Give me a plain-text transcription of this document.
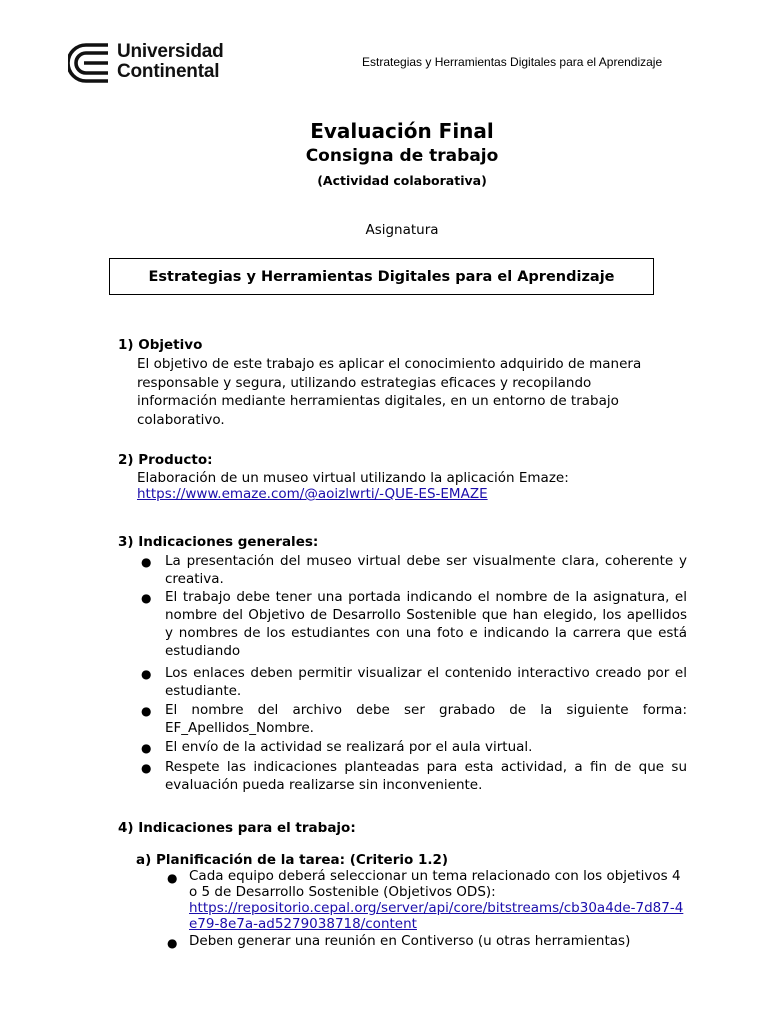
Universidad
Continental	Estrategias y Herramientas Digitales para el Aprendizaje
Evaluación Final
Consigna de trabajo
(Actividad colaborativa)
Asignatura
Estrategias y Herramientas Digitales para el Aprendizaje
1) Objetivo
El objetivo de este trabajo es aplicar el conocimiento adquirido de manera
responsable y segura, utilizando estrategias eficaces y recopilando
información mediante herramientas digitales, en un entorno de trabajo
colaborativo.
2) Producto:
Elaboración de un museo virtual utilizando la aplicación Emaze:
https://www.emaze.com/@aoizlwrti/-QUE-ES-EMAZE
3) Indicaciones generales:
● La presentación del museo virtual debe ser visualmente clara, coherente y creativa.
● El trabajo debe tener una portada indicando el nombre de la asignatura, el nombre del Objetivo de Desarrollo Sostenible que han elegido, los apellidos y nombres de los estudiantes con una foto e indicando la carrera que está estudiando
● Los enlaces deben permitir visualizar el contenido interactivo creado por el estudiante.
● El nombre del archivo debe ser grabado de la siguiente forma: EF_Apellidos_Nombre.
● El envío de la actividad se realizará por el aula virtual.
● Respete las indicaciones planteadas para esta actividad, a fin de que su evaluación pueda realizarse sin inconveniente.
4) Indicaciones para el trabajo:
a) Planificación de la tarea: (Criterio 1.2)
● Cada equipo deberá seleccionar un tema relacionado con los objetivos 4 o 5 de Desarrollo Sostenible (Objetivos ODS):
https://repositorio.cepal.org/server/api/core/bitstreams/cb30a4de-7d87-4e79-8e7a-ad5279038718/content
● Deben generar una reunión en Contiverso (u otras herramientas)
